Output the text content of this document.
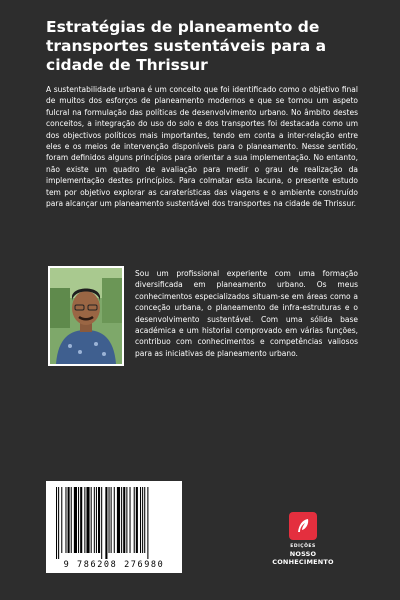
Estratégias de planeamento de transportes sustentáveis para a cidade de Thrissur

A sustentabilidade urbana é um conceito que foi identificado como o objetivo final de muitos dos esforços de planeamento modernos e que se tornou um aspeto fulcral na formulação das políticas de desenvolvimento urbano. No âmbito destes conceitos, a integração do uso do solo e dos transportes foi destacada como um dos objectivos políticos mais importantes, tendo em conta a inter-relação entre eles e os meios de intervenção disponíveis para o planeamento. Nesse sentido, foram definidos alguns princípios para orientar a sua implementação. No entanto, não existe um quadro de avaliação para medir o grau de realização da implementação destes princípios. Para colmatar esta lacuna, o presente estudo tem por objetivo explorar as caraterísticas das viagens e o ambiente construído para alcançar um planeamento sustentável dos transportes na cidade de Thrissur.

Sou um profissional experiente com uma formação diversificada em planeamento urbano. Os meus conhecimentos especializados situam-se em áreas como a conceção urbana, o planeamento de infra-estruturas e o desenvolvimento sustentável. Com uma sólida base académica e um historial comprovado em várias funções, contribuo com conhecimentos e competências valiosos para as iniciativas de planeamento urbano.

9 786208 276980
EDIÇÕES
NOSSO CONHECIMENTO
